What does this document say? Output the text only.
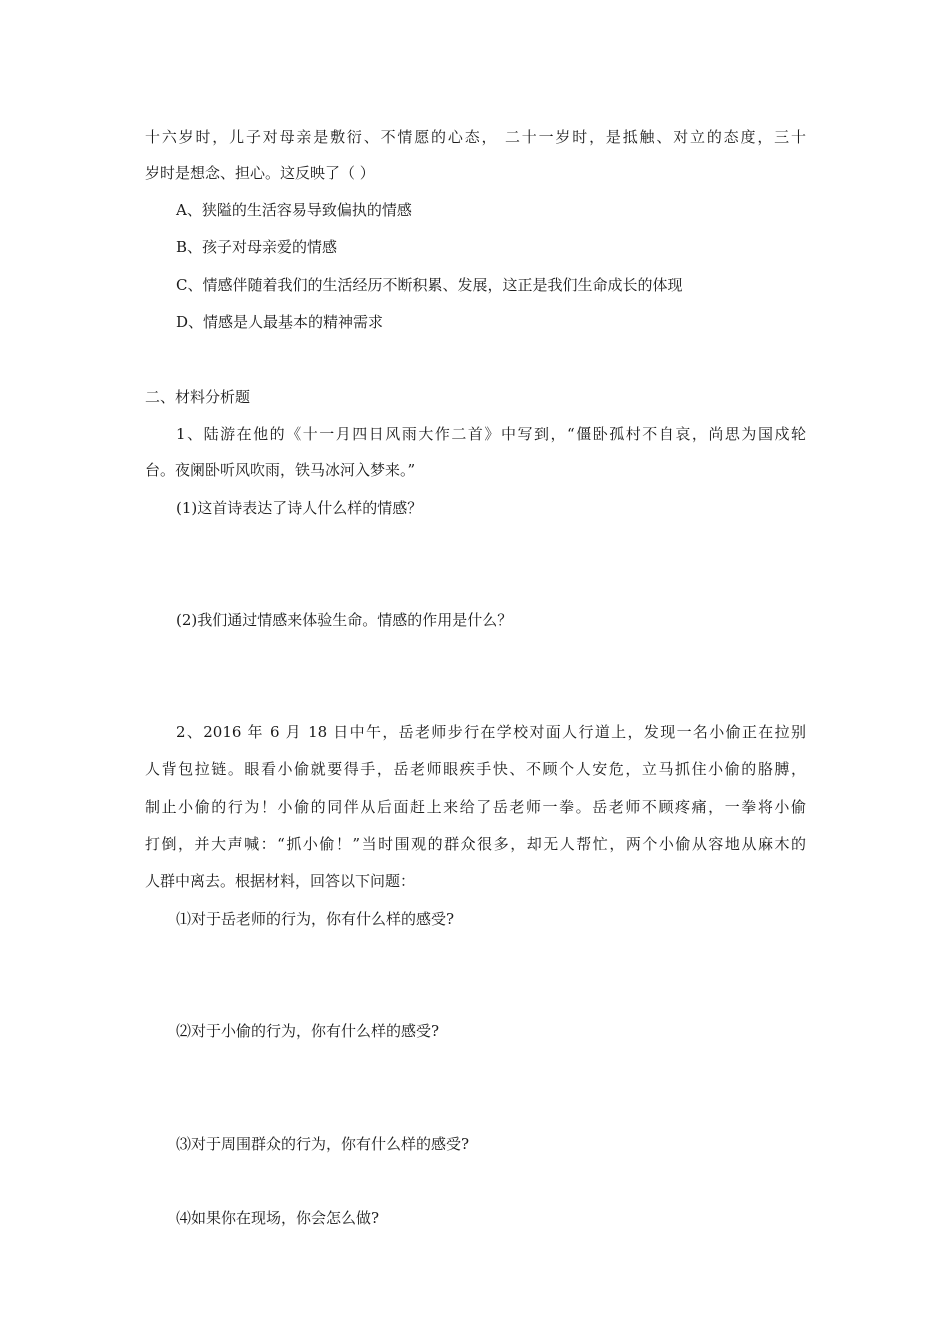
十六岁时，儿子对母亲是敷衍、不情愿的心态， 二十一岁时，是抵触、对立的态度，三十
岁时是想念、担心。这反映了（ ）
A、狭隘的生活容易导致偏执的情感
B、孩子对母亲爱的情感
C、情感伴随着我们的生活经历不断积累、发展，这正是我们生命成长的体现
D、情感是人最基本的精神需求
二、材料分析题
1、陆游在他的《十一月四日风雨大作二首》中写到，“僵卧孤村不自哀，尚思为国戍轮
台。夜阑卧听风吹雨，铁马冰河入梦来。”
(1)这首诗表达了诗人什么样的情感？
(2)我们通过情感来体验生命。情感的作用是什么？
2、2016 年 6 月 18 日中午，岳老师步行在学校对面人行道上，发现一名小偷正在拉别
人背包拉链。眼看小偷就要得手，岳老师眼疾手快、不顾个人安危，立马抓住小偷的胳膊，
制止小偷的行为！小偷的同伴从后面赶上来给了岳老师一拳。岳老师不顾疼痛，一拳将小偷
打倒，并大声喊：“抓小偷！”当时围观的群众很多，却无人帮忙，两个小偷从容地从麻木的
人群中离去。根据材料，回答以下问题：
⑴对于岳老师的行为，你有什么样的感受?
⑵对于小偷的行为，你有什么样的感受?
⑶对于周围群众的行为，你有什么样的感受?
⑷如果你在现场，你会怎么做?
